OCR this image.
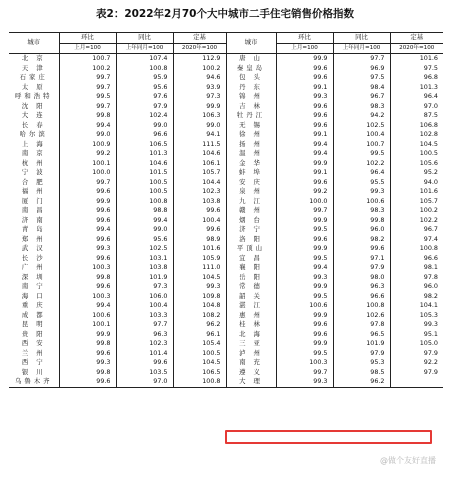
表2：2022年2月70个大中城市二手住宅销售价格指数
城市	环比	同比	定基	城市	环比	同比	定基
	上月=100	上年同月=100	2020年=100		上月=100	上年同月=100	2020年=100
北 京	100.7	107.4	112.9	唐 山	99.9	97.7	101.6
天 津	100.2	100.8	100.2	秦皇岛	99.6	96.9	97.5
石家庄	99.7	95.9	94.6	包 头	99.6	97.5	96.8
太 原	99.7	95.6	93.9	丹 东	99.1	98.4	101.3
呼和浩特	99.5	97.6	97.3	锦 州	99.3	96.7	96.4
沈 阳	99.7	97.9	99.9	吉 林	99.6	98.3	97.0
大 连	99.8	102.4	106.3	牡丹江	99.6	94.2	87.5
长 春	99.4	99.0	99.0	无 锡	99.6	102.5	106.8
哈尔滨	99.0	96.6	94.1	徐 州	99.1	100.4	102.8
上 海	100.9	106.5	111.5	扬 州	99.4	100.7	104.5
南 京	99.2	101.3	104.6	温 州	99.4	99.5	100.5
杭 州	100.1	104.6	106.1	金 华	99.9	102.2	105.6
宁 波	100.0	101.5	105.7	蚌 埠	99.1	96.4	95.2
合 肥	99.7	100.5	104.4	安 庆	99.6	95.5	94.0
福 州	99.6	100.5	102.3	泉 州	99.2	99.3	101.6
厦 门	99.9	100.8	103.8	九 江	100.0	100.6	105.7
南 昌	99.6	98.8	99.6	赣 州	99.7	98.3	100.2
济 南	99.6	99.4	100.4	烟 台	99.9	99.8	102.2
青 岛	99.4	99.0	99.6	济 宁	99.5	96.0	96.7
郑 州	99.6	95.6	98.9	洛 阳	99.6	98.2	97.4
武 汉	99.3	102.5	101.6	平顶山	99.9	99.6	100.8
长 沙	99.6	103.1	105.9	宜 昌	99.5	97.1	96.6
广 州	100.3	103.8	111.0	襄 阳	99.4	97.9	98.1
深 圳	99.8	101.9	104.5	岳 阳	99.3	98.0	97.8
南 宁	99.6	97.3	99.3	常 德	99.9	96.3	96.0
海 口	100.3	106.0	109.8	韶 关	99.5	96.6	98.2
重 庆	99.4	100.4	104.8	湛 江	100.6	100.8	104.1
成 都	100.6	103.3	108.2	惠 州	99.9	102.6	105.3
昆 明	100.1	97.7	96.2	桂 林	99.6	97.8	99.3
贵 阳	99.9	96.3	96.1	北 海	99.6	96.5	95.1
西 安	99.8	102.3	105.4	三 亚	99.9	101.9	105.0
兰 州	99.6	101.4	100.5	泸 州	99.5	97.9	97.9
西 宁	99.3	99.6	104.5	南 充	100.3	95.3	92.2
银 川	99.8	103.5	106.5	遵 义	99.7	98.5	97.9
乌鲁木齐	99.6	97.0	100.8	大 理	99.3	96.2	
@做个友好直播
